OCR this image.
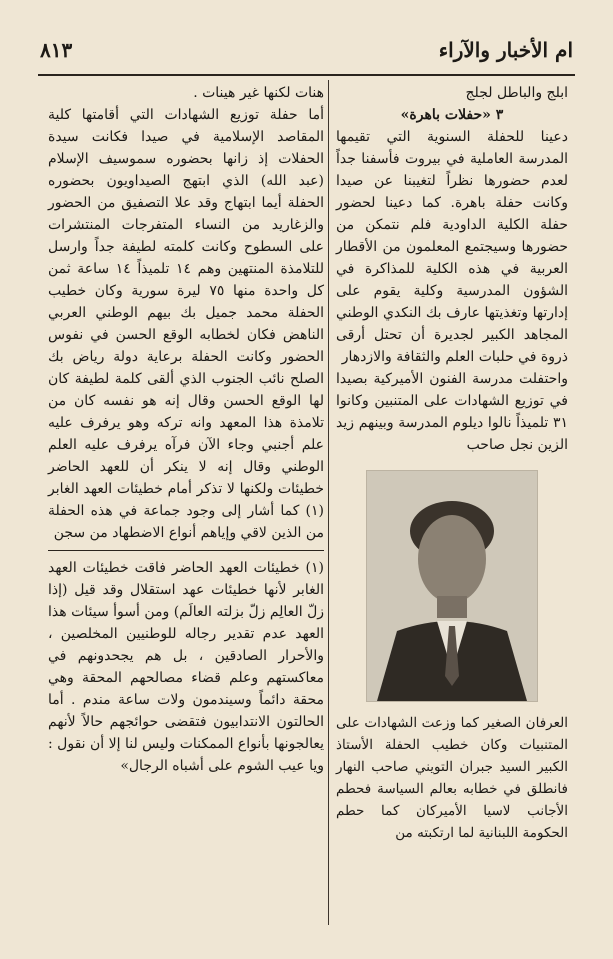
٨١٣	ام الأخبار والآراء

ابلج والباطل لجلج

٣ «حفلات باهرة»

دعينا للحفلة السنوية التي تقيمها المدرسة العاملية في بيروت فأسفنا جداً لعدم حضورها نظراً لتغيبنا عن صيدا وكانت حفلة باهرة. كما دعينا لحضور حفلة الكلية الداودية فلم نتمكن من حضورها وسيجتمع المعلمون من الأقطار العربية في هذه الكلية للمذاكرة في الشؤون المدرسية وكلية يقوم على إدارتها وتغذيتها عارف بك النكدي الوطني المجاهد الكبير لجديرة أن تحتل أرقى ذروة في حلبات العلم والثقافة والازدهار

واحتفلت مدرسة الفنون الأميركية بصيدا في توزيع الشهادات على المتنبين وكانوا ٣١ تلميذاً نالوا ديلوم المدرسة وبينهم زيد الزين نجل صاحب

العرفان الصغير كما وزعت الشهادات على المتنبيات وكان خطيب الحفلة الأستاذ الكبير السيد جبران التويني صاحب النهار فانطلق في خطابه بعالم السياسة فحطم الأجانب لاسيا الأميركان كما حطم الحكومة اللبنانية لما ارتكبته من

هنات لكنها غير هينات .

أما حفلة توزيع الشهادات التي أقامتها كلية المقاصد الإسلامية في صيدا فكانت سيدة الحفلات إذ زانها بحضوره سموسيف الإسلام (عبد الله) الذي ابتهج الصيداويون بحضوره الحفلة أيما ابتهاج وقد علا التصفيق من الحضور والزغاريد من النساء المتفرجات المنتشرات على السطوح وكانت كلمته لطيفة جداً وارسل للتلامذة المنتهين وهم ١٤ تلميذاً ١٤ ساعة ثمن كل واحدة منها ٧٥ ليرة سورية وكان خطيب الحفلة محمد جميل بك بيهم الوطني العربي الناهض فكان لخطابه الوقع الحسن في نفوس الحضور وكانت الحفلة برعاية دولة رياض بك الصلح نائب الجنوب الذي ألقى كلمة لطيفة كان لها الوقع الحسن وقال إنه هو نفسه كان من تلامذة هذا المعهد وانه تركه وهو يرفرف عليه علم أجنبي وجاء الآن فرآه يرفرف عليه العلم الوطني وقال إنه لا ينكر أن للعهد الحاضر خطيئات ولكنها لا تذكر أمام خطيئات العهد الغابر (١) كما أشار إلى وجود جماعة في هذه الحفلة من الذين لاقي وإياهم أنواع الاضطهاد من سجن

(١) خطيئات العهد الحاضر فاقت خطيئات العهد الغابر لأنها خطيئات عهد استقلال وقد قيل (إذا زلّ العالِم زلّ بزلته العالَم) ومن أسوأ سيئات هذا العهد عدم تقدير رجاله للوطنيين المخلصين ، والأحرار الصادقين ، بل هم يجحدونهم في معاكستهم وعلم قضاء مصالحهم المحقة وهي محقة دائماً وسيندمون ولات ساعة مندم . أما الحالتون الانتدابيون فتقضى حوائجهم حالاً لأنهم يعالجونها بأنواع الممكنات وليس لنا إلا أن نقول : ويا عيب الشوم على أشباه الرجال»
